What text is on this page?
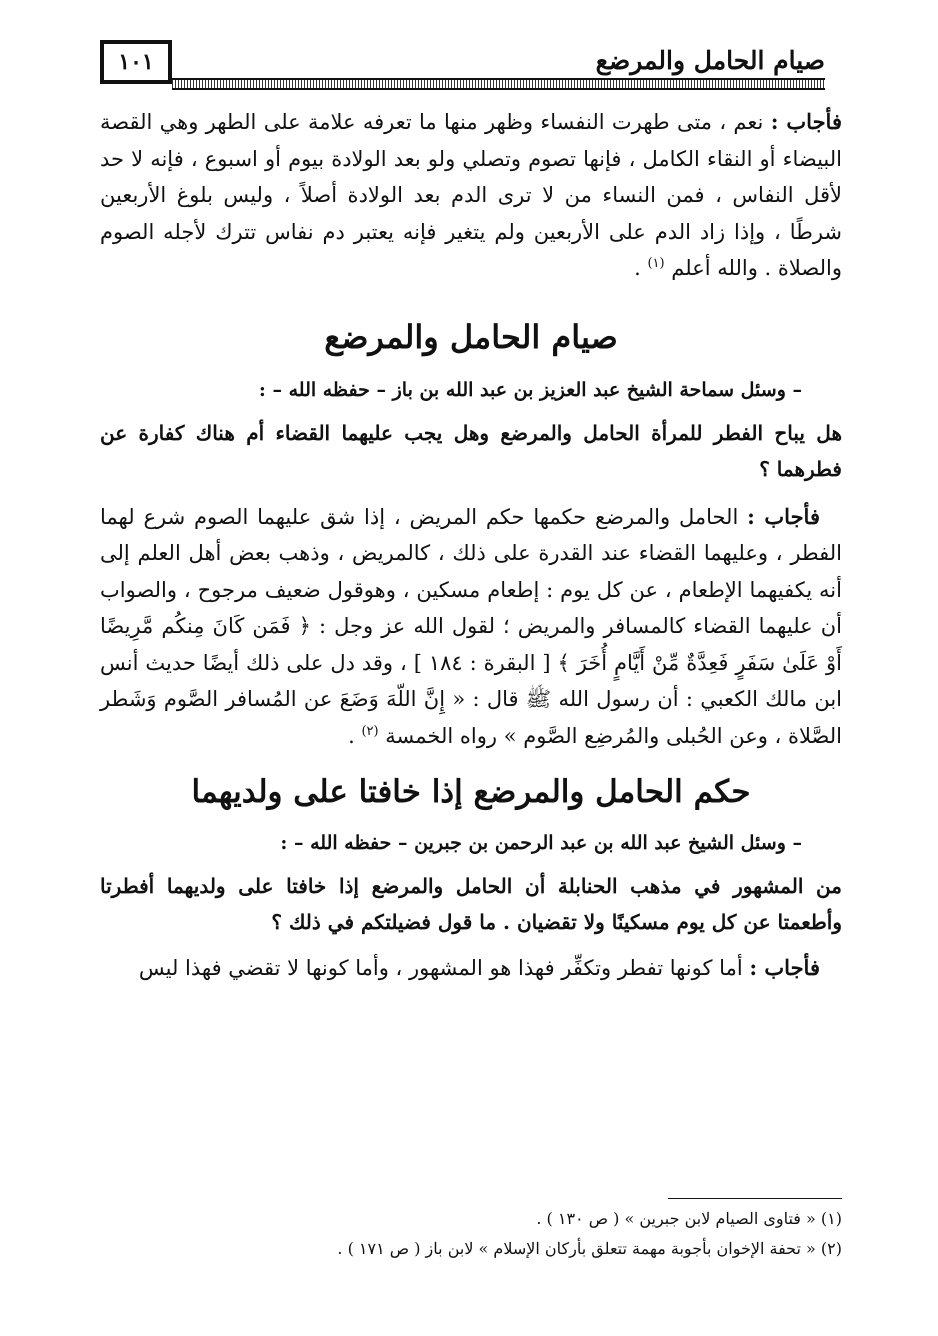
١٠١	صيام الحامل والمرضع

فأجاب : نعم ، متى طهرت النفساء وظهر منها ما تعرفه علامة على الطهر وهي القصة البيضاء أو النقاء الكامل ، فإنها تصوم وتصلي ولو بعد الولادة بيوم أو اسبوع ، فإنه لا حد لأقل النفاس ، فمن النساء من لا ترى الدم بعد الولادة أصلاً ، وليس بلوغ الأربعين شرطًا ، وإذا زاد الدم على الأربعين ولم يتغير فإنه يعتبر دم نفاس تترك لأجله الصوم والصلاة . والله أعلم $^{(١)}$ .

صيام الحامل والمرضع

– وسئل سماحة الشيخ عبد العزيز بن عبد الله بن باز – حفظه الله – :

هل يباح الفطر للمرأة الحامل والمرضع وهل يجب عليهما القضاء أم هناك كفارة عن فطرهما ؟

فأجاب : الحامل والمرضع حكمها حكم المريض ، إذا شق عليهما الصوم شرع لهما الفطر ، وعليهما القضاء عند القدرة على ذلك ، كالمريض ، وذهب بعض أهل العلم إلى أنه يكفيهما الإطعام ، عن كل يوم : إطعام مسكين ، وهوقول ضعيف مرجوح ، والصواب أن عليهما القضاء كالمسافر والمريض ؛ لقول الله عز وجل : ﴿ فَمَن كَانَ مِنكُم مَّرِيضًا أَوْ عَلَىٰ سَفَرٍ فَعِدَّةٌ مِّنْ أَيَّامٍ أُخَرَ ﴾ [ البقرة : ١٨٤ ] ، وقد دل على ذلك أيضًا حديث أنس ابن مالك الكعبي : أن رسول الله ﷺ قال : « إِنَّ اللّهَ وَضَعَ عن المُسافر الصَّوم وَشَطر الصَّلاة ، وعن الحُبلى والمُرضِع الصَّوم » رواه الخمسة $^{(٢)}$ .

حكم الحامل والمرضع إذا خافتا على ولديهما

– وسئل الشيخ عبد الله بن عبد الرحمن بن جبرين – حفظه الله – :

من المشهور في مذهب الحنابلة أن الحامل والمرضع إذا خافتا على ولديهما أفطرتا وأطعمتا عن كل يوم مسكينًا ولا تقضيان . ما قول فضيلتكم في ذلك ؟

فأجاب : أما كونها تفطر وتكفِّر فهذا هو المشهور ، وأما كونها لا تقضي فهذا ليس

(١) « فتاوى الصيام لابن جبرين » ( ص ١٣٠ ) .
(٢) « تحفة الإخوان بأجوبة مهمة تتعلق بأركان الإسلام » لابن باز ( ص ١٧١ ) .
